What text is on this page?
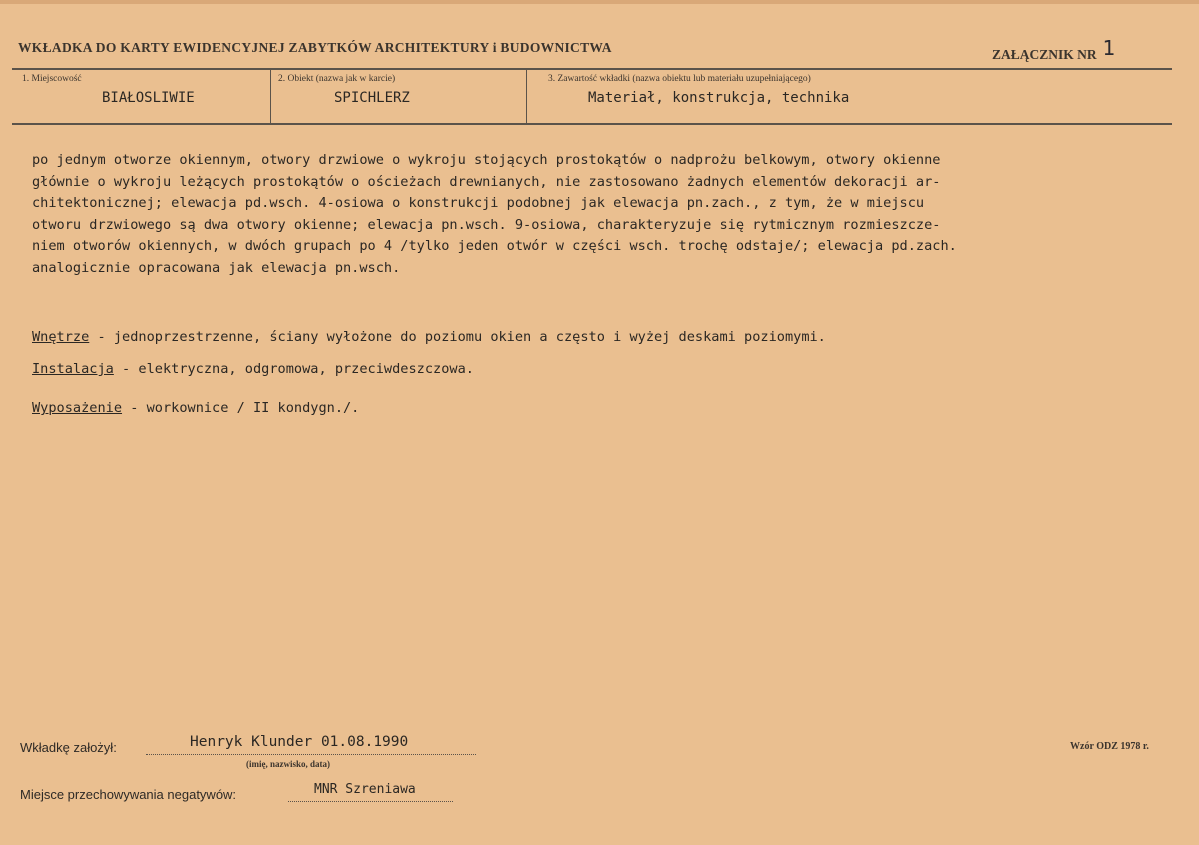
WKŁADKA DO KARTY EWIDENCYJNEJ ZABYTKÓW ARCHITEKTURY i BUDOWNICTWA	ZAŁĄCZNIK NR 1
1. Miejscowość
BIAŁOSLIWIE
2. Obiekt (nazwa jak w karcie)
SPICHLERZ
3. Zawartość wkładki (nazwa obiektu lub materiału uzupełniającego)
Materiał, konstrukcja, technika

po jednym otworze okiennym, otwory drzwiowe o wykroju stojących prostokątów o nadprożu belkowym, otwory okienne

głównie o wykroju leżących prostokątów o ościeżach drewnianych, nie zastosowano żadnych elementów dekoracji ar-

chitektonicznej; elewacja pd.wsch. 4-osiowa o konstrukcji podobnej jak elewacja pn.zach., z tym, że w miejscu

otworu drzwiowego są dwa otwory okienne; elewacja pn.wsch. 9-osiowa, charakteryzuje się rytmicznym rozmieszcze-

niem otworów okiennych, w dwóch grupach po 4 /tylko jeden otwór w części wsch. trochę odstaje/; elewacja pd.zach.

analogicznie opracowana jak elewacja pn.wsch.

Wnętrze - jednoprzestrzenne, ściany wyłożone do poziomu okien a często i wyżej deskami poziomymi.
Instalacja - elektryczna, odgromowa, przeciwdeszczowa.
Wyposażenie - workownice / II kondygn./.
Wkładkę założył:	Henryk Klunder 01.08.1990
(imię, nazwisko, data)
Miejsce przechowywania negatywów:	MNR Szreniawa
Wzór ODZ 1978 r.
